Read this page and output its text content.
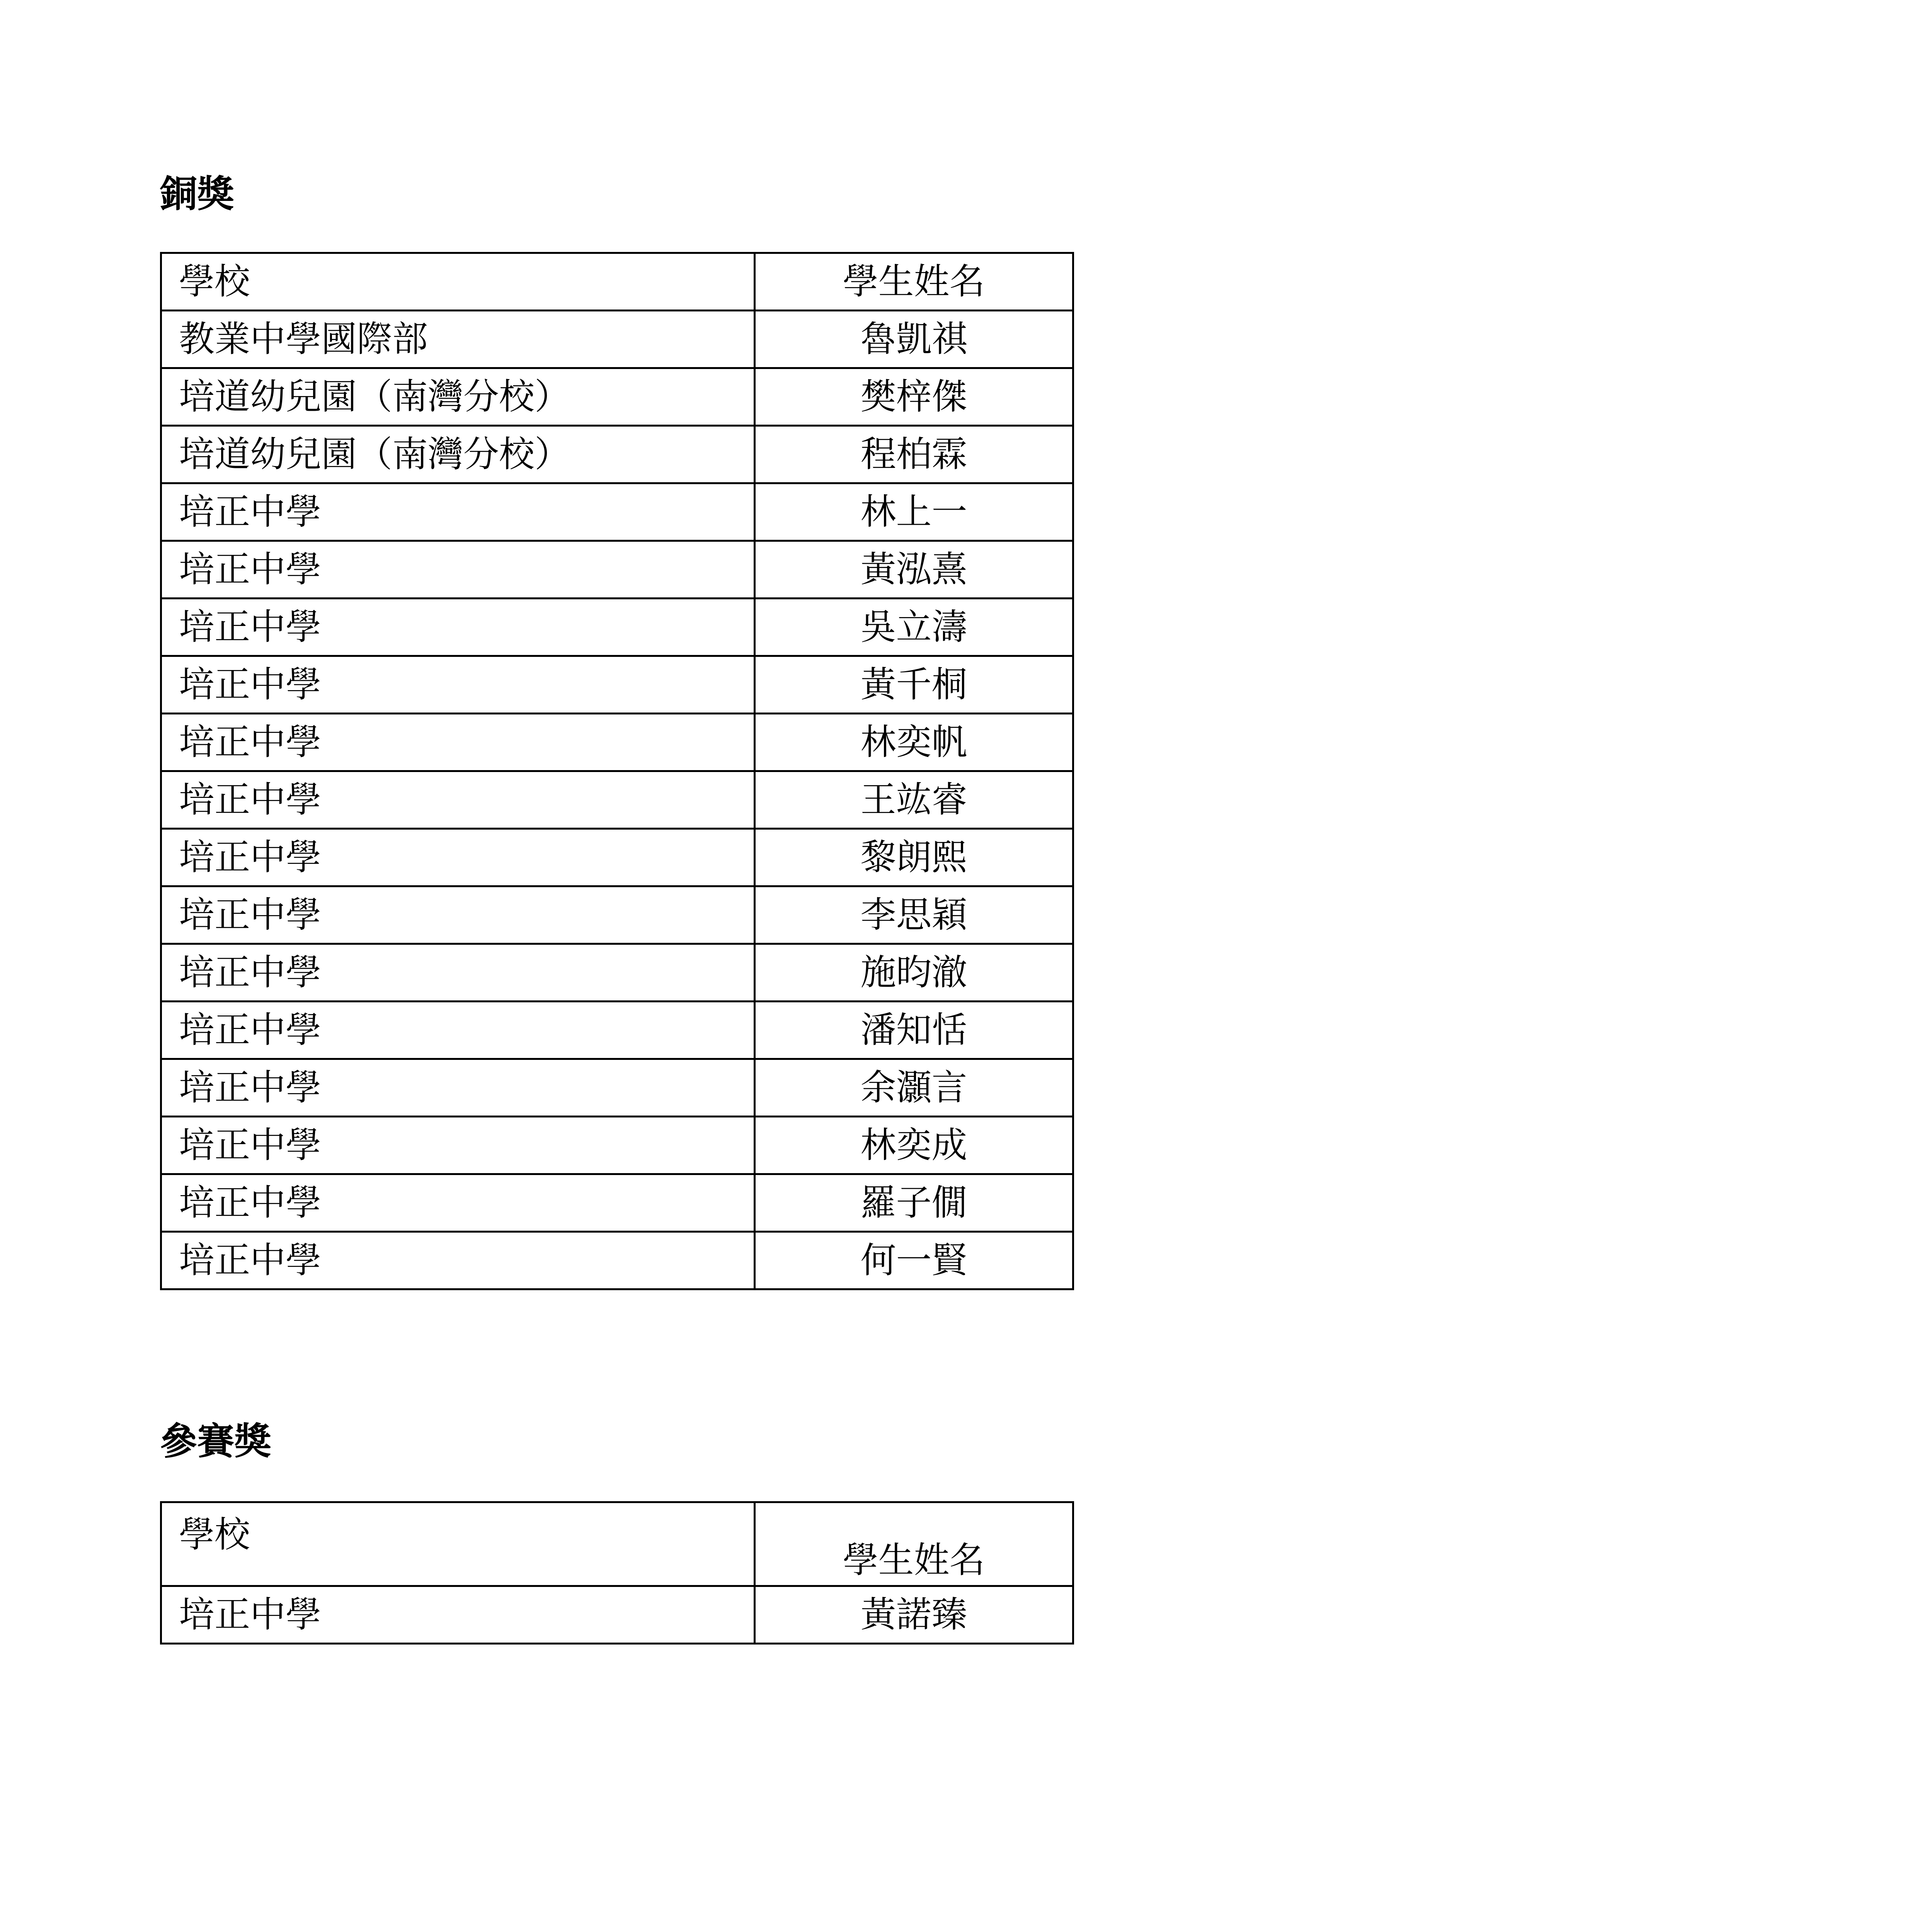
銅獎
學校	學生姓名
教業中學國際部	魯凱祺
培道幼兒園（南灣分校）	樊梓傑
培道幼兒園（南灣分校）	程柏霖
培正中學	林上一
培正中學	黃泓熹
培正中學	吳立濤
培正中學	黃千桐
培正中學	林奕帆
培正中學	王竑睿
培正中學	黎朗熙
培正中學	李思穎
培正中學	施昀澈
培正中學	潘知恬
培正中學	余灝言
培正中學	林奕成
培正中學	羅子僩
培正中學	何一賢
參賽獎
學校	學生姓名
培正中學	黃諾臻
